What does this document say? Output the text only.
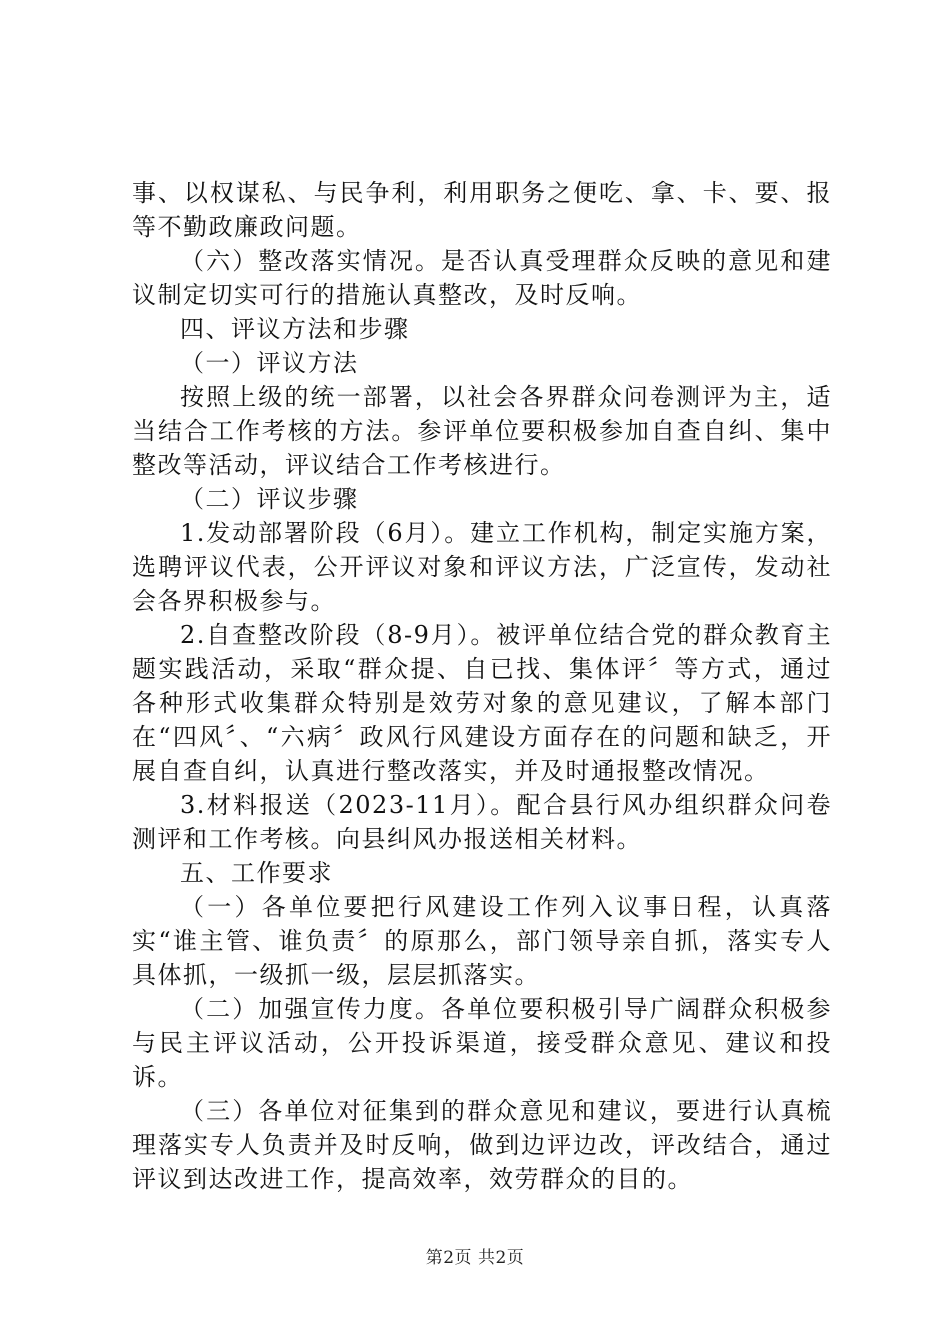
事、以权谋私、与民争利，利用职务之便吃、拿、卡、要、报等不勤政廉政问题。

（六）整改落实情况。是否认真受理群众反映的意见和建议制定切实可行的措施认真整改，及时反响。

四、评议方法和步骤

（一）评议方法

按照上级的统一部署，以社会各界群众问卷测评为主，适当结合工作考核的方法。参评单位要积极参加自查自纠、集中整改等活动，评议结合工作考核进行。

（二）评议步骤

1.发动部署阶段（6月）。建立工作机构，制定实施方案，选聘评议代表，公开评议对象和评议方法，广泛宣传，发动社会各界积极参与。

2.自查整改阶段（8-9月）。被评单位结合党的群众教育主题实践活动，采取“群众提、自已找、集体评〞等方式，通过各种形式收集群众特别是效劳对象的意见建议，了解本部门在“四风〞、“六病〞政风行风建设方面存在的问题和缺乏，开展自查自纠，认真进行整改落实，并及时通报整改情况。

3.材料报送（2023-11月）。配合县行风办组织群众问卷测评和工作考核。向县纠风办报送相关材料。

五、工作要求

（一）各单位要把行风建设工作列入议事日程，认真落实“谁主管、谁负责〞的原那么，部门领导亲自抓，落实专人具体抓，一级抓一级，层层抓落实。

（二）加强宣传力度。各单位要积极引导广阔群众积极参与民主评议活动，公开投诉渠道，接受群众意见、建议和投诉。

（三）各单位对征集到的群众意见和建议，要进行认真梳理落实专人负责并及时反响，做到边评边改，评改结合，通过评议到达改进工作，提高效率，效劳群众的目的。

第2页 共2页
